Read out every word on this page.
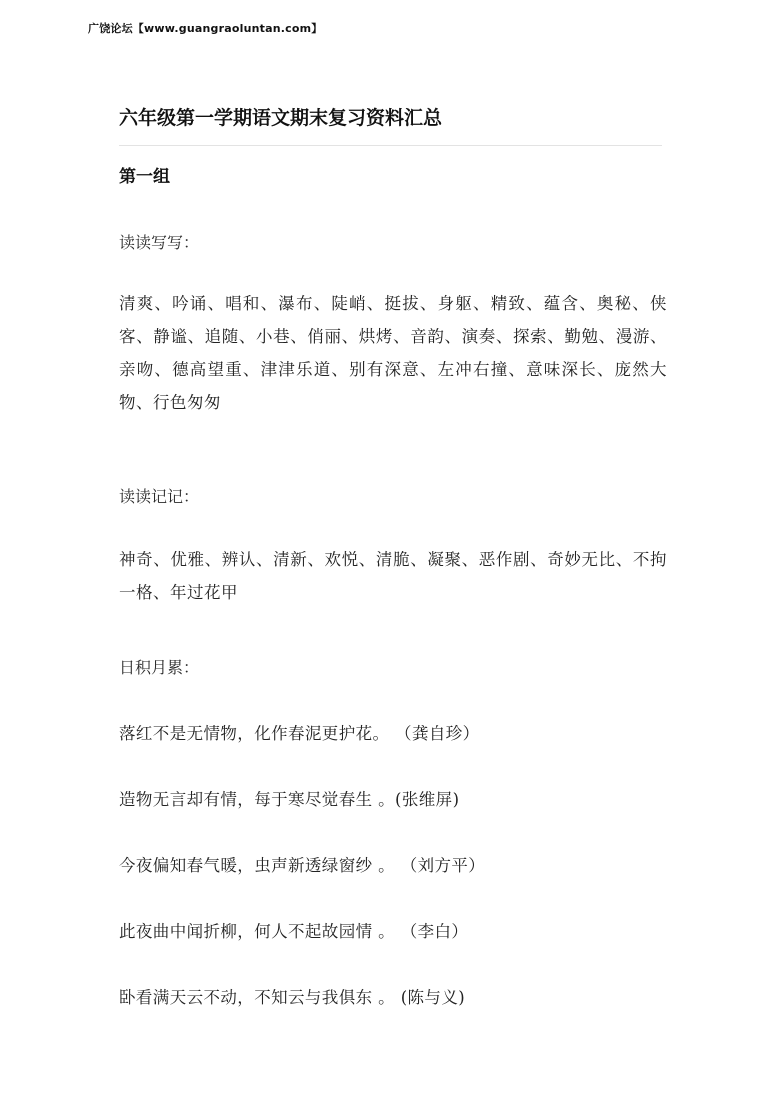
广饶论坛【www.guangraoluntan.com】
六年级第一学期语文期末复习资料汇总
第一组
读读写写：
清爽、吟诵、唱和、瀑布、陡峭、挺拔、身躯、精致、蕴含、奥秘、侠客、静谧、追随、小巷、俏丽、烘烤、音韵、演奏、探索、勤勉、漫游、亲吻、德高望重、津津乐道、别有深意、左冲右撞、意味深长、庞然大物、行色匆匆
读读记记：
神奇、优雅、辨认、清新、欢悦、清脆、凝聚、恶作剧、奇妙无比、不拘一格、年过花甲
日积月累：
落红不是无情物，化作春泥更护花。 （龚自珍）
造物无言却有情，每于寒尽觉春生 。(张维屏)
今夜偏知春气暖，虫声新透绿窗纱 。 （刘方平）
此夜曲中闻折柳，何人不起故园情 。 （李白）
卧看满天云不动，不知云与我俱东 。 (陈与义)
